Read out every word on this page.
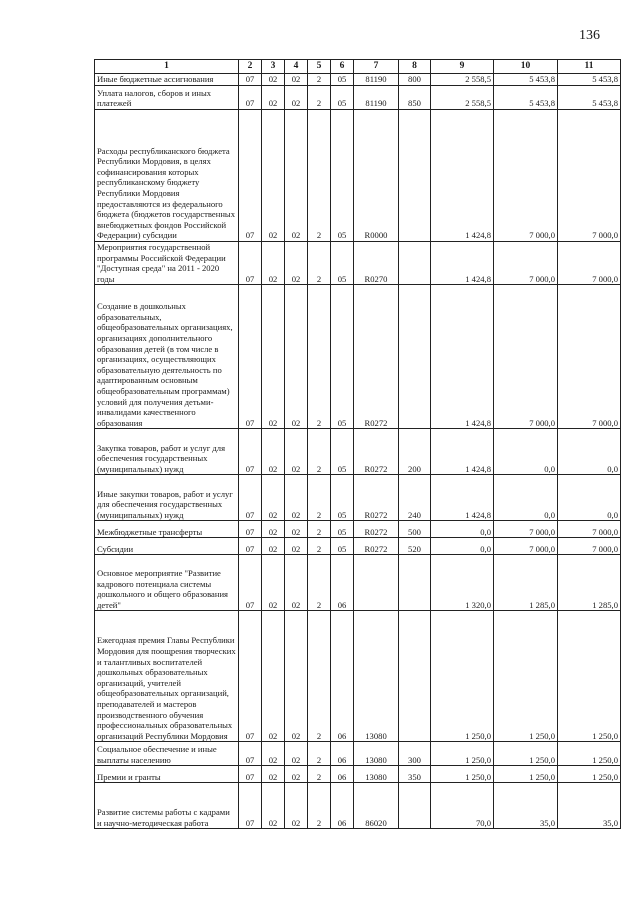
136
1	2	3	4	5	6	7	8	9	10	11
Иные бюджетные ассигнования	07	02	02	2	05	81190	800	2 558,5	5 453,8	5 453,8
Уплата налогов, сборов и иных платежей	07	02	02	2	05	81190	850	2 558,5	5 453,8	5 453,8
Расходы республиканского бюджета Республики Мордовия, в целях софинансирования которых республиканскому бюджету Республики Мордовия предоставляются из федерального бюджета (бюджетов государственных внебюджетных фондов Российской Федерации) субсидии	07	02	02	2	05	R0000		1 424,8	7 000,0	7 000,0
Мероприятия государственной программы Российской Федерации "Доступная среда" на 2011 - 2020 годы	07	02	02	2	05	R0270		1 424,8	7 000,0	7 000,0
Создание в дошкольных образовательных, общеобразовательных организациях, организациях дополнительного образования детей (в том числе в организациях, осуществляющих образовательную деятельность по адаптированным основным общеобразовательным программам) условий для получения детьми-инвалидами качественного образования	07	02	02	2	05	R0272		1 424,8	7 000,0	7 000,0
Закупка товаров, работ и услуг для обеспечения государственных (муниципальных) нужд	07	02	02	2	05	R0272	200	1 424,8	0,0	0,0
Иные закупки товаров, работ и услуг для обеспечения государственных (муниципальных) нужд	07	02	02	2	05	R0272	240	1 424,8	0,0	0,0
Межбюджетные трансферты	07	02	02	2	05	R0272	500	0,0	7 000,0	7 000,0
Субсидии	07	02	02	2	05	R0272	520	0,0	7 000,0	7 000,0
Основное мероприятие "Развитие кадрового потенциала системы дошкольного и общего образования детей"	07	02	02	2	06			1 320,0	1 285,0	1 285,0
Ежегодная премия Главы Республики Мордовия для поощрения творческих и талантливых воспитателей дошкольных образовательных организаций, учителей общеобразовательных организаций, преподавателей и мастеров производственного обучения профессиональных образовательных организаций Республики Мордовия	07	02	02	2	06	13080		1 250,0	1 250,0	1 250,0
Социальное обеспечение и иные выплаты населению	07	02	02	2	06	13080	300	1 250,0	1 250,0	1 250,0
Премии и гранты	07	02	02	2	06	13080	350	1 250,0	1 250,0	1 250,0
Развитие системы работы с кадрами и научно-методическая работа	07	02	02	2	06	86020		70,0	35,0	35,0
